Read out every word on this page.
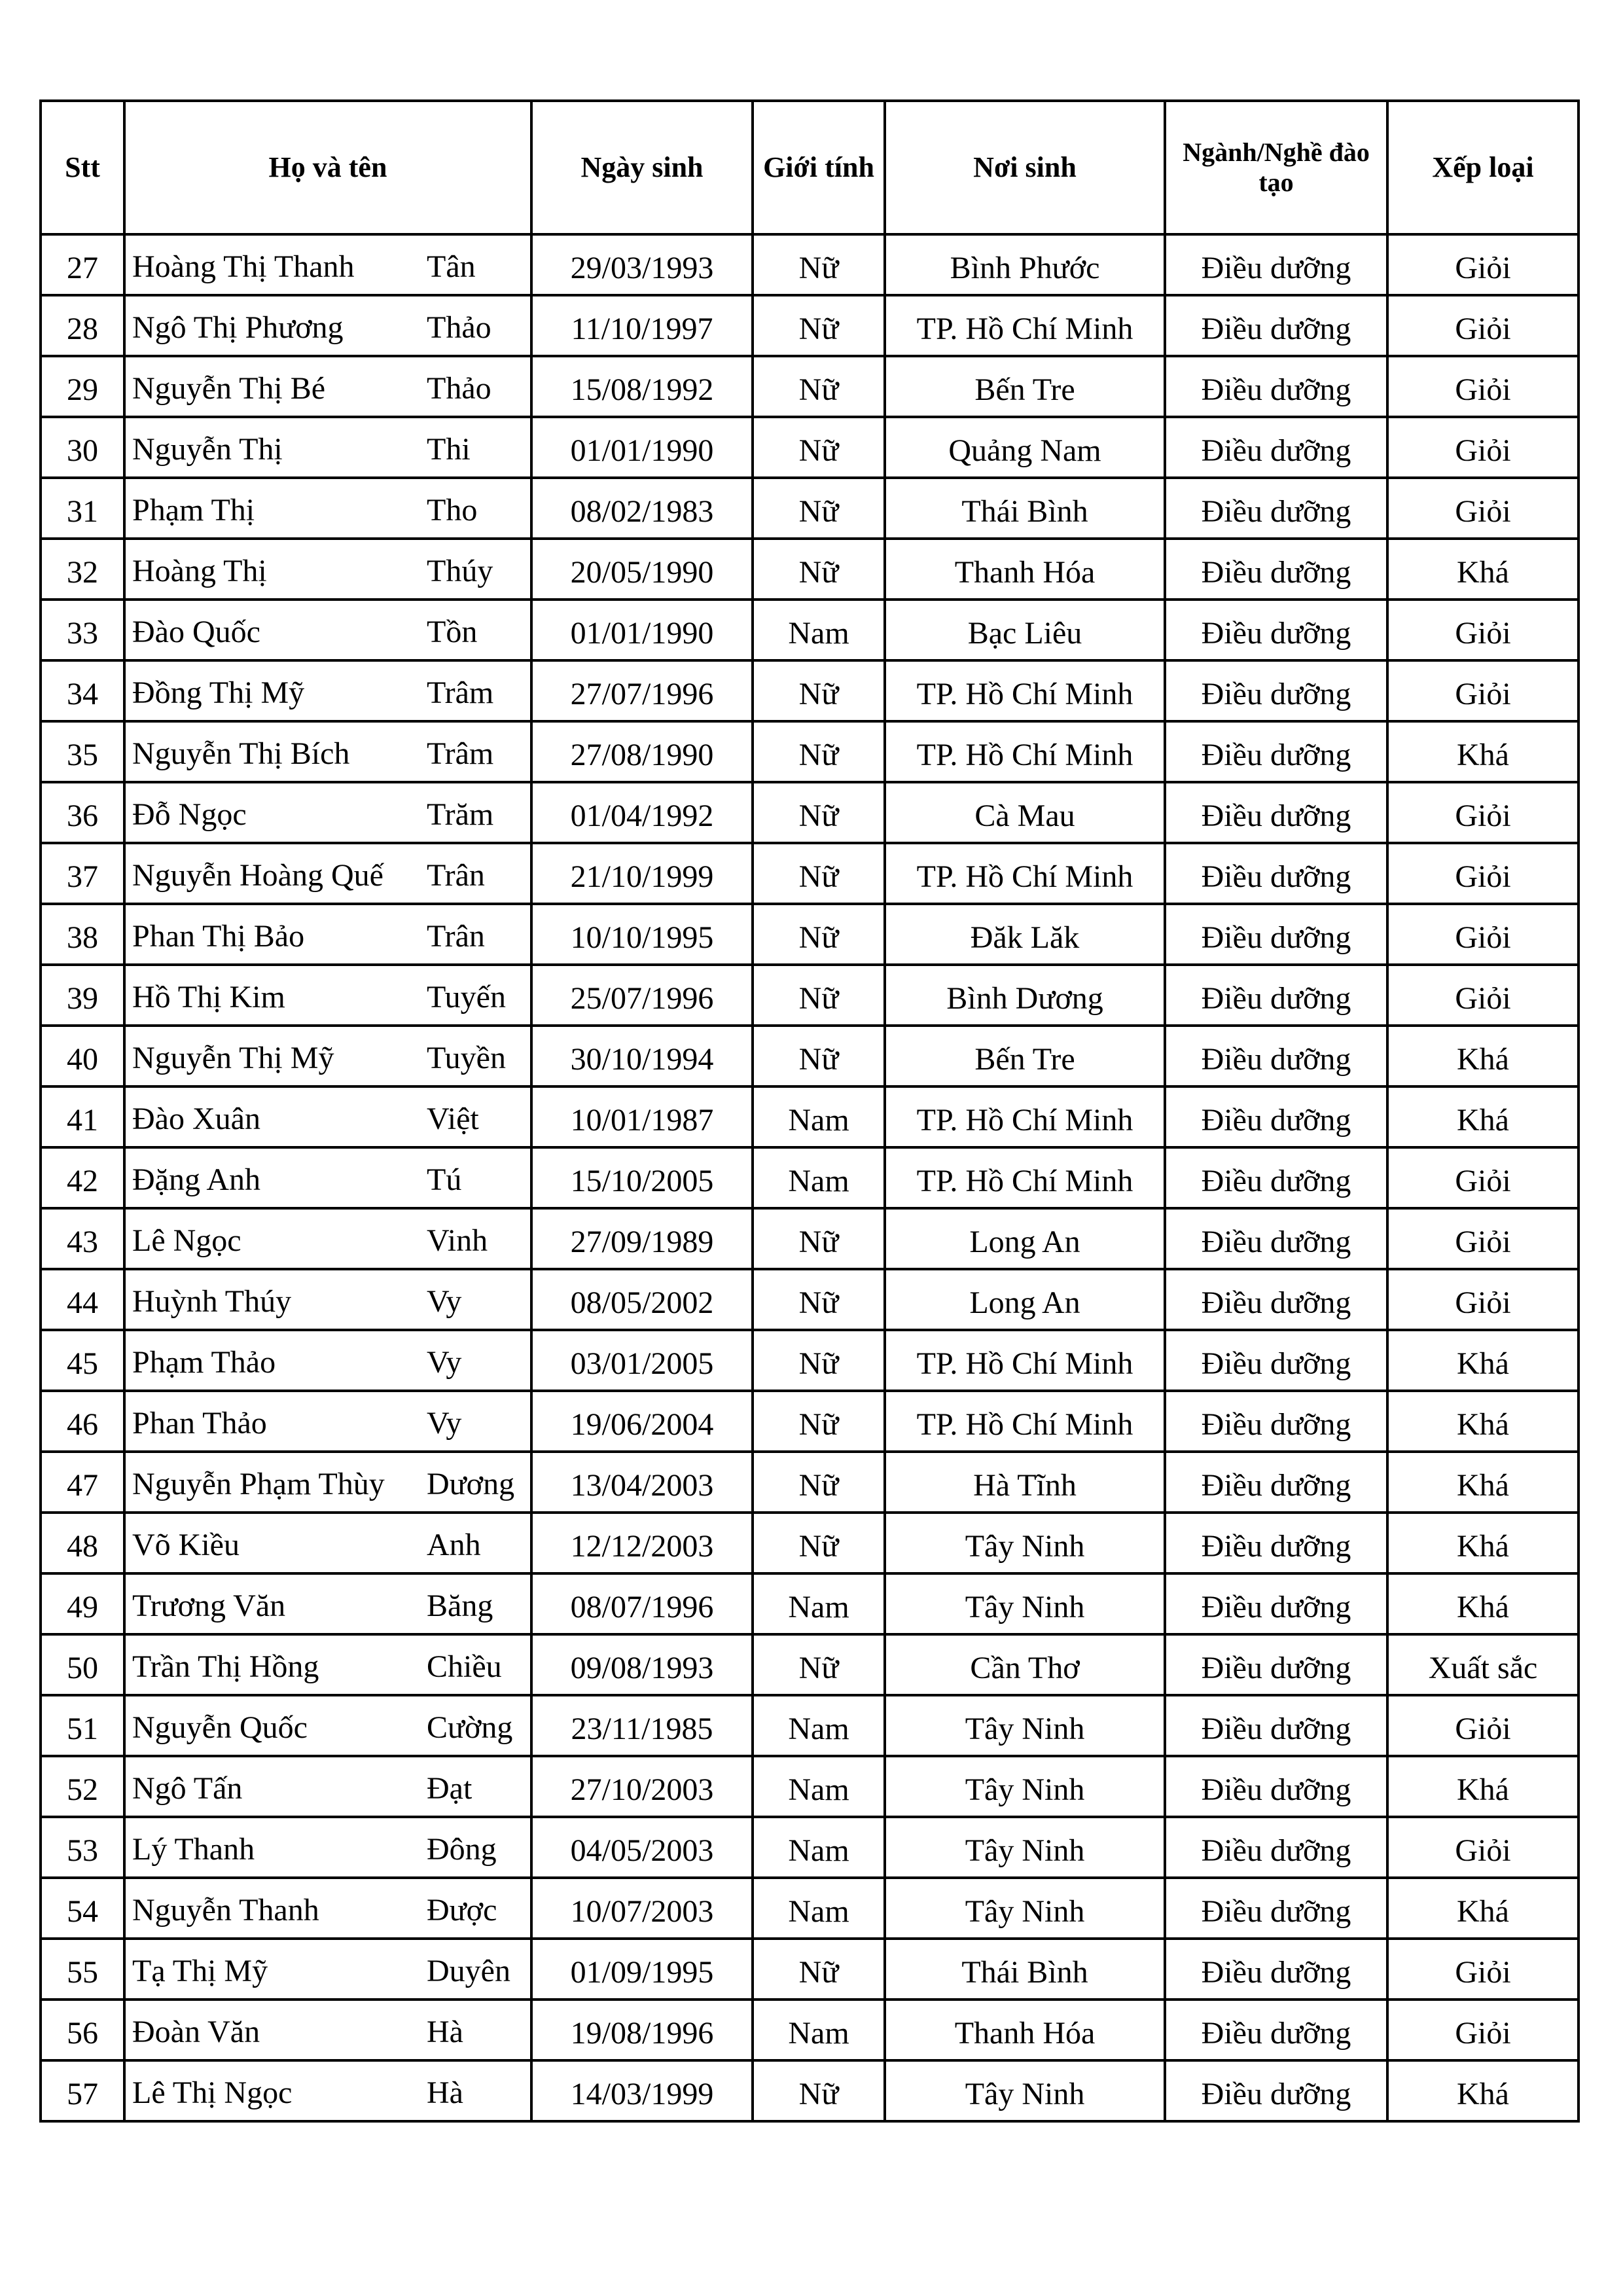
Stt	Họ và tên	Ngày sinh	Giới tính	Nơi sinh	Ngành/Nghề đào tạo	Xếp loại
27	Hoàng Thị Thanh Tân	29/03/1993	Nữ	Bình Phước	Điều dưỡng	Giỏi
28	Ngô Thị Phương Thảo	11/10/1997	Nữ	TP. Hồ Chí Minh	Điều dưỡng	Giỏi
29	Nguyễn Thị Bé Thảo	15/08/1992	Nữ	Bến Tre	Điều dưỡng	Giỏi
30	Nguyễn Thị Thi	01/01/1990	Nữ	Quảng Nam	Điều dưỡng	Giỏi
31	Phạm Thị Tho	08/02/1983	Nữ	Thái Bình	Điều dưỡng	Giỏi
32	Hoàng Thị Thúy	20/05/1990	Nữ	Thanh Hóa	Điều dưỡng	Khá
33	Đào Quốc Tồn	01/01/1990	Nam	Bạc Liêu	Điều dưỡng	Giỏi
34	Đồng Thị Mỹ Trâm	27/07/1996	Nữ	TP. Hồ Chí Minh	Điều dưỡng	Giỏi
35	Nguyễn Thị Bích Trâm	27/08/1990	Nữ	TP. Hồ Chí Minh	Điều dưỡng	Khá
36	Đỗ Ngọc Trăm	01/04/1992	Nữ	Cà Mau	Điều dưỡng	Giỏi
37	Nguyễn Hoàng Quế Trân	21/10/1999	Nữ	TP. Hồ Chí Minh	Điều dưỡng	Giỏi
38	Phan Thị Bảo Trân	10/10/1995	Nữ	Đăk Lăk	Điều dưỡng	Giỏi
39	Hồ Thị Kim Tuyến	25/07/1996	Nữ	Bình Dương	Điều dưỡng	Giỏi
40	Nguyễn Thị Mỹ Tuyền	30/10/1994	Nữ	Bến Tre	Điều dưỡng	Khá
41	Đào Xuân Việt	10/01/1987	Nam	TP. Hồ Chí Minh	Điều dưỡng	Khá
42	Đặng Anh Tú	15/10/2005	Nam	TP. Hồ Chí Minh	Điều dưỡng	Giỏi
43	Lê Ngọc Vinh	27/09/1989	Nữ	Long An	Điều dưỡng	Giỏi
44	Huỳnh Thúy Vy	08/05/2002	Nữ	Long An	Điều dưỡng	Giỏi
45	Phạm Thảo Vy	03/01/2005	Nữ	TP. Hồ Chí Minh	Điều dưỡng	Khá
46	Phan Thảo Vy	19/06/2004	Nữ	TP. Hồ Chí Minh	Điều dưỡng	Khá
47	Nguyễn Phạm Thùy Dương	13/04/2003	Nữ	Hà Tĩnh	Điều dưỡng	Khá
48	Võ Kiều Anh	12/12/2003	Nữ	Tây Ninh	Điều dưỡng	Khá
49	Trương Văn Băng	08/07/1996	Nam	Tây Ninh	Điều dưỡng	Khá
50	Trần Thị Hồng Chiều	09/08/1993	Nữ	Cần Thơ	Điều dưỡng	Xuất sắc
51	Nguyễn Quốc Cường	23/11/1985	Nam	Tây Ninh	Điều dưỡng	Giỏi
52	Ngô Tấn Đạt	27/10/2003	Nam	Tây Ninh	Điều dưỡng	Khá
53	Lý Thanh Đông	04/05/2003	Nam	Tây Ninh	Điều dưỡng	Giỏi
54	Nguyễn Thanh Được	10/07/2003	Nam	Tây Ninh	Điều dưỡng	Khá
55	Tạ Thị Mỹ Duyên	01/09/1995	Nữ	Thái Bình	Điều dưỡng	Giỏi
56	Đoàn Văn Hà	19/08/1996	Nam	Thanh Hóa	Điều dưỡng	Giỏi
57	Lê Thị Ngọc Hà	14/03/1999	Nữ	Tây Ninh	Điều dưỡng	Khá
